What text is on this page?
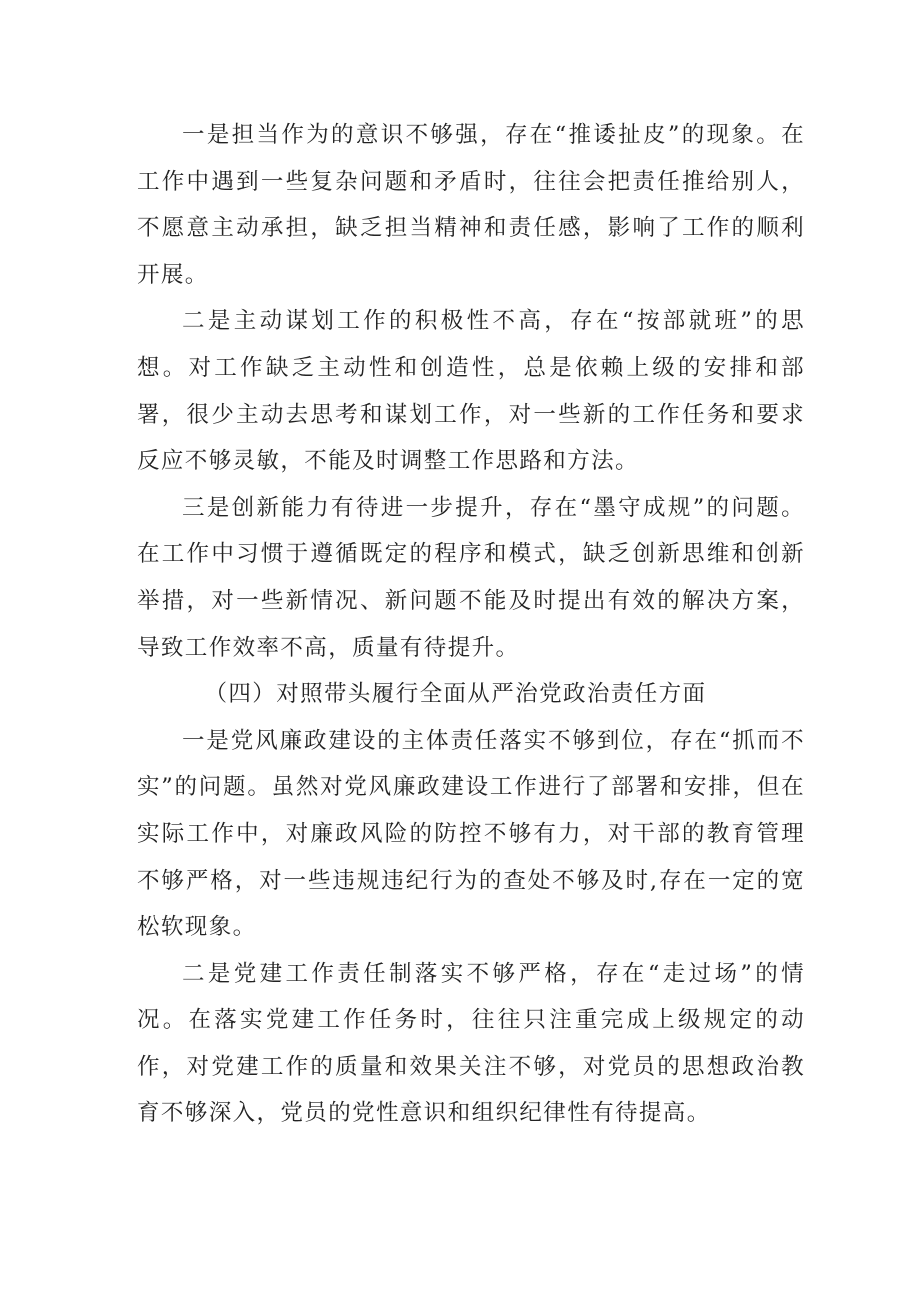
一是担当作为的意识不够强，存在“推诿扯皮”的现象。在工作中遇到一些复杂问题和矛盾时，往往会把责任推给别人，不愿意主动承担，缺乏担当精神和责任感，影响了工作的顺利开展。

二是主动谋划工作的积极性不高，存在“按部就班”的思想。对工作缺乏主动性和创造性，总是依赖上级的安排和部署，很少主动去思考和谋划工作，对一些新的工作任务和要求反应不够灵敏，不能及时调整工作思路和方法。

三是创新能力有待进一步提升，存在“墨守成规”的问题。在工作中习惯于遵循既定的程序和模式，缺乏创新思维和创新举措，对一些新情况、新问题不能及时提出有效的解决方案，导致工作效率不高，质量有待提升。

（四）对照带头履行全面从严治党政治责任方面

一是党风廉政建设的主体责任落实不够到位，存在“抓而不实”的问题。虽然对党风廉政建设工作进行了部署和安排，但在实际工作中，对廉政风险的防控不够有力，对干部的教育管理不够严格，对一些违规违纪行为的查处不够及时,存在一定的宽松软现象。

二是党建工作责任制落实不够严格，存在“走过场”的情况。在落实党建工作任务时，往往只注重完成上级规定的动作，对党建工作的质量和效果关注不够，对党员的思想政治教育不够深入，党员的党性意识和组织纪律性有待提高。
